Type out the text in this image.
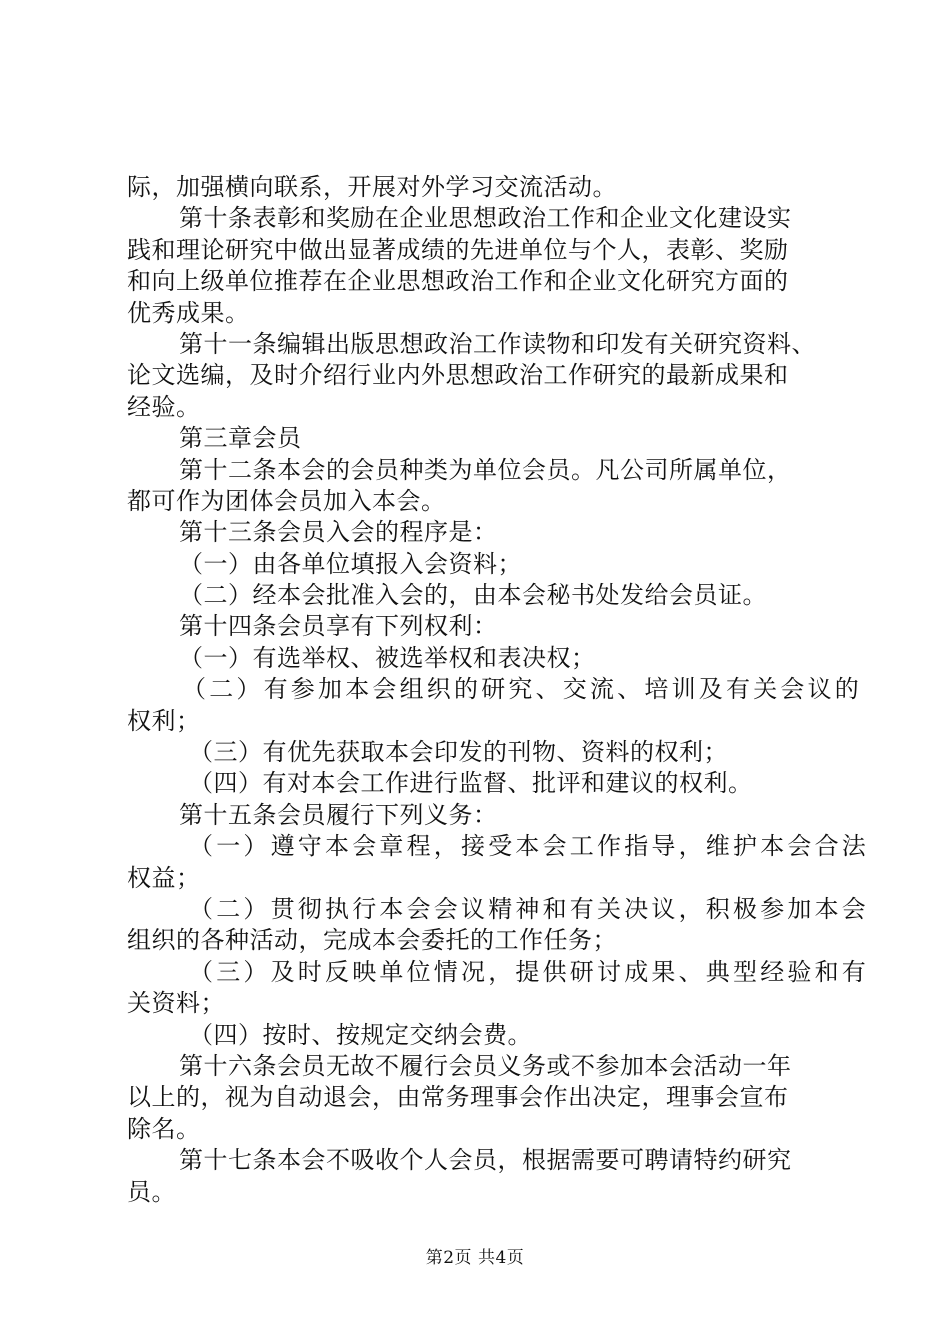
际，加强横向联系，开展对外学习交流活动。
第十条表彰和奖励在企业思想政治工作和企业文化建设实
践和理论研究中做出显著成绩的先进单位与个人，表彰、奖励
和向上级单位推荐在企业思想政治工作和企业文化研究方面的
优秀成果。
第十一条编辑出版思想政治工作读物和印发有关研究资料、
论文选编，及时介绍行业内外思想政治工作研究的最新成果和
经验。
第三章会员
第十二条本会的会员种类为单位会员。凡公司所属单位，
都可作为团体会员加入本会。
第十三条会员入会的程序是：
（一）由各单位填报入会资料；
（二）经本会批准入会的，由本会秘书处发给会员证。
第十四条会员享有下列权利：
（一）有选举权、被选举权和表决权；
（二）有参加本会组织的研究、交流、培训及有关会议的
权利；
（三）有优先获取本会印发的刊物、资料的权利；
（四）有对本会工作进行监督、批评和建议的权利。
第十五条会员履行下列义务：
（一）遵守本会章程，接受本会工作指导，维护本会合法
权益；
（二）贯彻执行本会会议精神和有关决议，积极参加本会
组织的各种活动，完成本会委托的工作任务；
（三）及时反映单位情况，提供研讨成果、典型经验和有
关资料；
（四）按时、按规定交纳会费。
第十六条会员无故不履行会员义务或不参加本会活动一年
以上的，视为自动退会，由常务理事会作出决定，理事会宣布
除名。
第十七条本会不吸收个人会员，根据需要可聘请特约研究
员。
第2页 共4页
